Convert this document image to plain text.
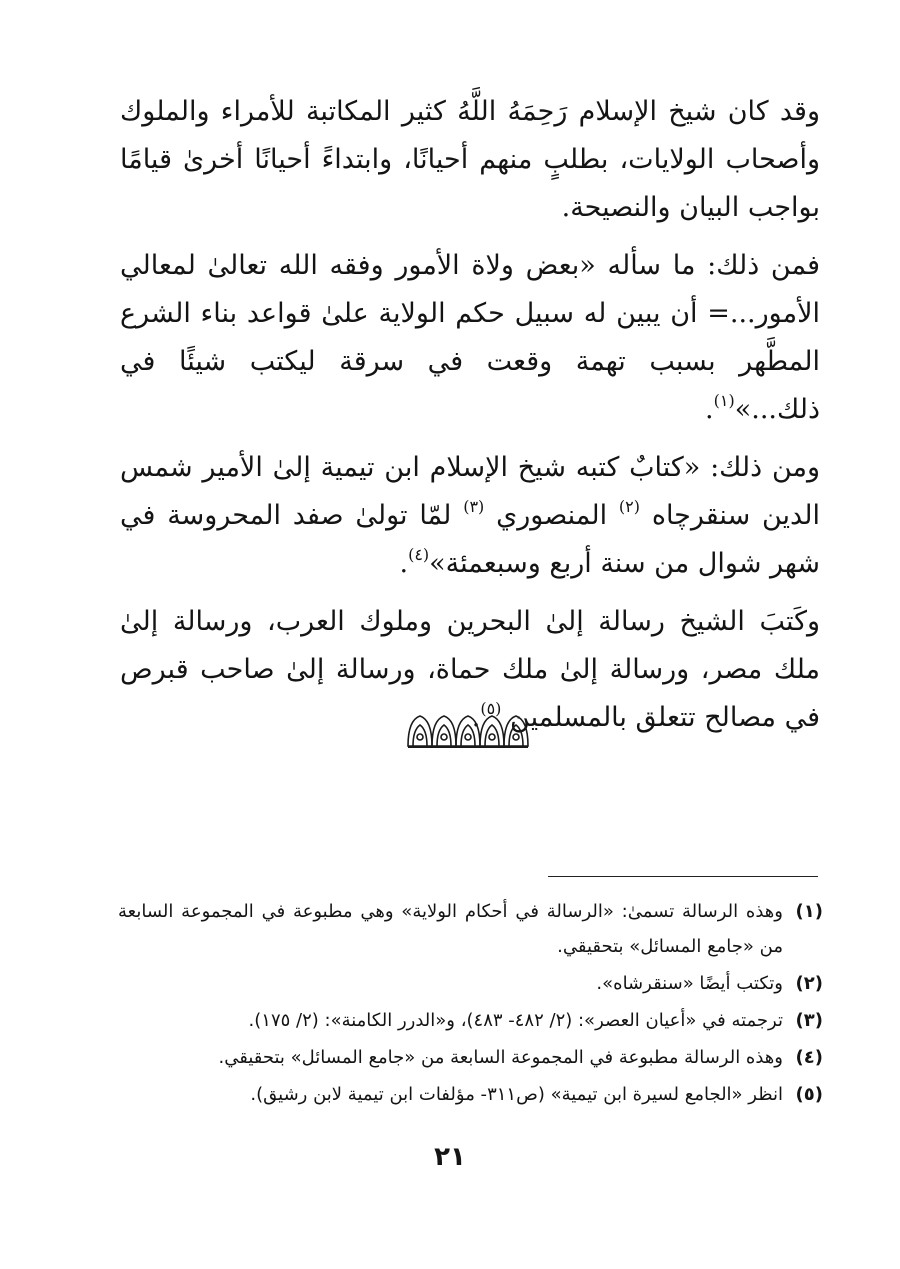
وقد كان شيخ الإسلام رَحِمَهُ اللَّهُ كثير المكاتبة للأمراء والملوك وأصحاب الولايات، بطلبٍ منهم أحيانًا، وابتداءً أحيانًا أخرىٰ قيامًا بواجب البيان والنصيحة.

فمن ذلك: ما سأله «بعض ولاة الأمور وفقه الله تعالىٰ لمعالي الأمور...= أن يبين له سبيل حكم الولاية علىٰ قواعد بناء الشرع المطَّهر بسبب تهمة وقعت في سرقة ليكتب شيئًا في ذلك...»$^{(١)}$.

ومن ذلك: «كتابٌ كتبه شيخ الإسلام ابن تيمية إلىٰ الأمير شمس الدين سنقرچاه $^{(٢)}$ المنصوري $^{(٣)}$ لمّا تولىٰ صفد المحروسة في شهر شوال من سنة أربع وسبعمئة»$^{(٤)}$.

وكَتبَ الشيخ رسالة إلىٰ البحرين وملوك العرب، ورسالة إلىٰ ملك مصر، ورسالة إلىٰ ملك حماة، ورسالة إلىٰ صاحب قبرص في مصالح تتعلق بالمسلمين $^{(٥)}$.

(١)
وهذه الرسالة تسمىٰ: «الرسالة في أحكام الولاية» وهي مطبوعة في المجموعة السابعة من «جامع المسائل» بتحقيقي.
(٢)
وتكتب أيضًا «سنقرشاه».
(٣)
ترجمته في «أعيان العصر»: (٢/ ٤٨٢- ٤٨٣)، و«الدرر الكامنة»: (٢/ ١٧٥).
(٤)
وهذه الرسالة مطبوعة في المجموعة السابعة من «جامع المسائل» بتحقيقي.
(٥)
انظر «الجامع لسيرة ابن تيمية» (ص٣١١- مؤلفات ابن تيمية لابن رشيق).
٢١
